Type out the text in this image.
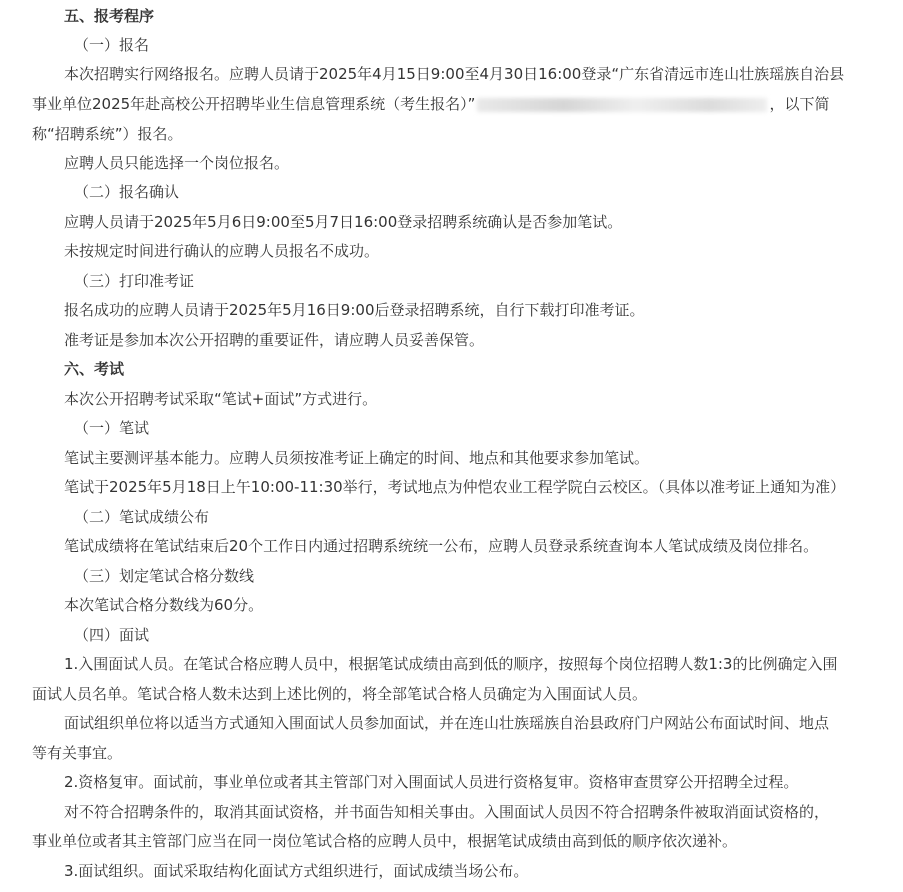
五、报考程序
（一）报名
本次招聘实行网络报名。应聘人员请于2025年4月15日9:00至4月30日16:00登录“广东省清远市连山壮族瑶族自治县
事业单位2025年赴高校公开招聘毕业生信息管理系统（考生报名）”	，以下简
称“招聘系统”）报名。
应聘人员只能选择一个岗位报名。
（二）报名确认
应聘人员请于2025年5月6日9:00至5月7日16:00登录招聘系统确认是否参加笔试。
未按规定时间进行确认的应聘人员报名不成功。
（三）打印准考证
报名成功的应聘人员请于2025年5月16日9:00后登录招聘系统，自行下载打印准考证。
准考证是参加本次公开招聘的重要证件，请应聘人员妥善保管。
六、考试
本次公开招聘考试采取“笔试+面试”方式进行。
（一）笔试
笔试主要测评基本能力。应聘人员须按准考证上确定的时间、地点和其他要求参加笔试。
笔试于2025年5月18日上午10:00-11:30举行，考试地点为仲恺农业工程学院白云校区。（具体以准考证上通知为准）
（二）笔试成绩公布
笔试成绩将在笔试结束后20个工作日内通过招聘系统统一公布，应聘人员登录系统查询本人笔试成绩及岗位排名。
（三）划定笔试合格分数线
本次笔试合格分数线为60分。
（四）面试
1.入围面试人员。在笔试合格应聘人员中，根据笔试成绩由高到低的顺序，按照每个岗位招聘人数1:3的比例确定入围
面试人员名单。笔试合格人数未达到上述比例的，将全部笔试合格人员确定为入围面试人员。
面试组织单位将以适当方式通知入围面试人员参加面试，并在连山壮族瑶族自治县政府门户网站公布面试时间、地点
等有关事宜。
2.资格复审。面试前，事业单位或者其主管部门对入围面试人员进行资格复审。资格审查贯穿公开招聘全过程。
对不符合招聘条件的，取消其面试资格，并书面告知相关事由。入围面试人员因不符合招聘条件被取消面试资格的，
事业单位或者其主管部门应当在同一岗位笔试合格的应聘人员中，根据笔试成绩由高到低的顺序依次递补。
3.面试组织。面试采取结构化面试方式组织进行，面试成绩当场公布。
